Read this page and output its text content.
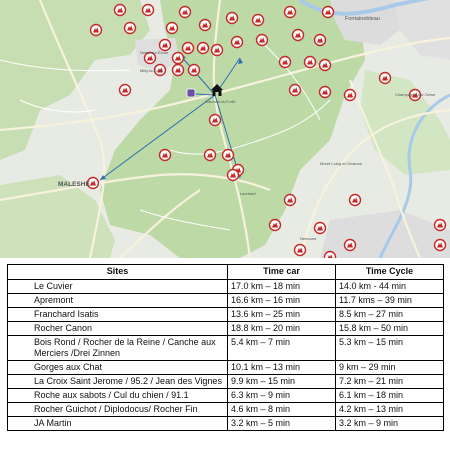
Fontainebleau
MALESHE
Arbonne-la-Forêt
Milly-la-Forêt
Larchant
Nemours
Champagne-sur-Seine
Noisy-sur-École
Moret Loing et Orvanne
Sites	Time car	Time Cycle
Le Cuvier	17.0 km – 18 min	14.0 km - 44 min
Apremont	16.6 km – 16 min	11.7 kms – 39 min
Franchard Isatis	13.6 km – 25 min	8.5 km – 27 min
Rocher Canon	18.8 km – 20 min	15.8 km – 50 min
Bois Rond / Rocher de la Reine / Canche aux Merciers /Drei Zinnen	5.4 km – 7 min	5.3 km – 15 min
Gorges aux Chat	10.1 km – 13 min	9 km – 29 min
La Croix Saint Jerome / 95.2 / Jean des Vignes	9.9 km – 15 min	7.2 km – 21 min
Roche aux sabots / Cul du chien / 91.1	6.3 km – 9 min	6.1 km – 18 min
Rocher Guichot / Diplodocus/ Rocher Fin	4.6 km – 8 min	4.2 km – 13 min
JA Martin	3.2 km – 5 min	3.2 km – 9 min
